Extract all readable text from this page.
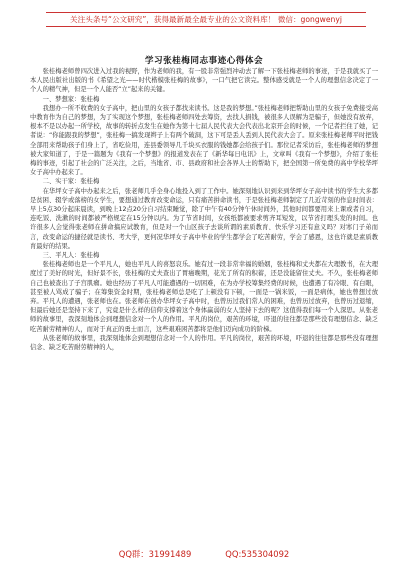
关注头条号“公文研究”，获得最新最全最专业的公文资料库！ 微信：gongwenyj
学习张桂梅同志事迹心得体会

张桂梅老师曾四次进入过我的视野，作为老师的我，有一股非常强烈冲动去了解一下张桂梅老师的事迹，于是我就买了一本人民出版社出版的书《希望之光——时代楷模张桂梅的故事》，一口气把它读完。整体感受就是一个人的理想信念决定了一个人的精气神，但是一个人能否“立”起来的关键。

一、梦想家：张桂梅

我想办一所不收费的女子高中，把山里的女孩子都找来读书。这是我的梦想。”张桂梅老师把帮助山里的女孩子免费接受高中教育作为自己的梦想，为了实现这个梦想，张桂梅老师四处去筹资，去找人捐钱，被很多人误解为是骗子，但她没有放弃，根本不是以办起一所学校，故事的转折点发生在她作为第十七届人民代表大会代表出北京开会的时候，一个记者拦住了她，记者说：“你能跟我的梦想”，张桂梅一搞发现辫子上有两个破洞，这下可是丢人丢到人民代表大会了。原来张桂梅老师平时把钱全部用来帮助孩子们身上了，省吃俭用，连县委领导几千块买衣服的钱她都会给孩子们。那位记者采访后，张桂梅老师的梦想被大家知道了，于是一篇题为《我有一个梦想》的报道发表在了《新华每日电讯》上，文章叫《我有一个梦想》，介绍了张桂梅的事迹，引起了社会的广泛关注，之后，当地省、市、县政府和社会各界人士的帮助下，把全国第一所免费的高中学校华坪女子高中办起来了。

二、实干家：张桂梅

在华坪女子高中办起来之后，张老师几乎全身心地投入到了工作中。她深刻地认识到来到华坪女子高中读书的学生大多都是贫困、辍学或落榜的女学生，要想通过教育改变命运，只有痛苦拼命读书，于是张桂梅老师制定了几近苛刻的作息时间表：早上5点30分起床晨读，到晚上12点20分自习结束睡觉，除了中午有40分钟午休时间外，其他时间都要用来上课或者自习，连吃饭、洗漱的时间都被严格规定在15分钟以内。为了节省时间，女孩纸都被要求剪齐耳短发，以节省打理头发的时间。也许很多人会觉得张老师在拼命搞应试教育，但是对一个山区孩子去谈所谓的素质教育、快乐学习还有意义吗？对寒门子弟而言，改变命运的捷径就是读书、考大学，更何况华坪女子高中毕业的学生都学会了吃苦耐劳，学会了感恩，这也许就是素质教育最好的结果。

三、平凡人：张桂梅

张桂梅老师也是一个平凡人，她也平凡人的喜怒哀乐。她有过一段非常幸福的婚姻，张桂梅和丈夫都在大理教书，在大理度过了美好的时光，但好景不长，张桂梅的丈夫查出了胃癌晚期，花光了所有的积蓄，还是没能留住丈夫。不久，张桂梅老师自己也被查出了子宫肌瘤。她也经历了平凡人可能遭遇的一切困难，在为办学校筹集经费的时候，也遭遇了有冷眼、有白眼，甚至被人骂成了骗子；在筹集资金时期，张桂梅老师总是吃了上顿没有下顿，一面是一锅米饭，一面是病体，她也曾想过放弃。平凡人的遭遇，张老师也在。张老师在创办华坪女子高中时，也曾历过我们常人的困难，也曾历过放弃，也曾历过退缩，但最后她还是坚持下来了，究竟是什么样的信仰支撑着这个身体赢弱的女人坚持下去的呢？这值得我们每一个人深思。从张老师的故事里，我深刻地体会到理想信念对一个人的作用。平凡的岗位，艰苦的环境，吓退的往往都是那些没有理想信念、缺乏吃苦耐劳精神的人，而对于真正的勇士而言，这些艰难困苦都将是他们迈向成功的阶梯。

从张老师的故事里，我深刻地体会到理想信念对一个人的作用。平凡的岗位，艰苦的环境，吓退的往往都是那些没有理想信念、缺乏吃苦耐劳精神的人，

QQ群：31991489	QQ:535304092
